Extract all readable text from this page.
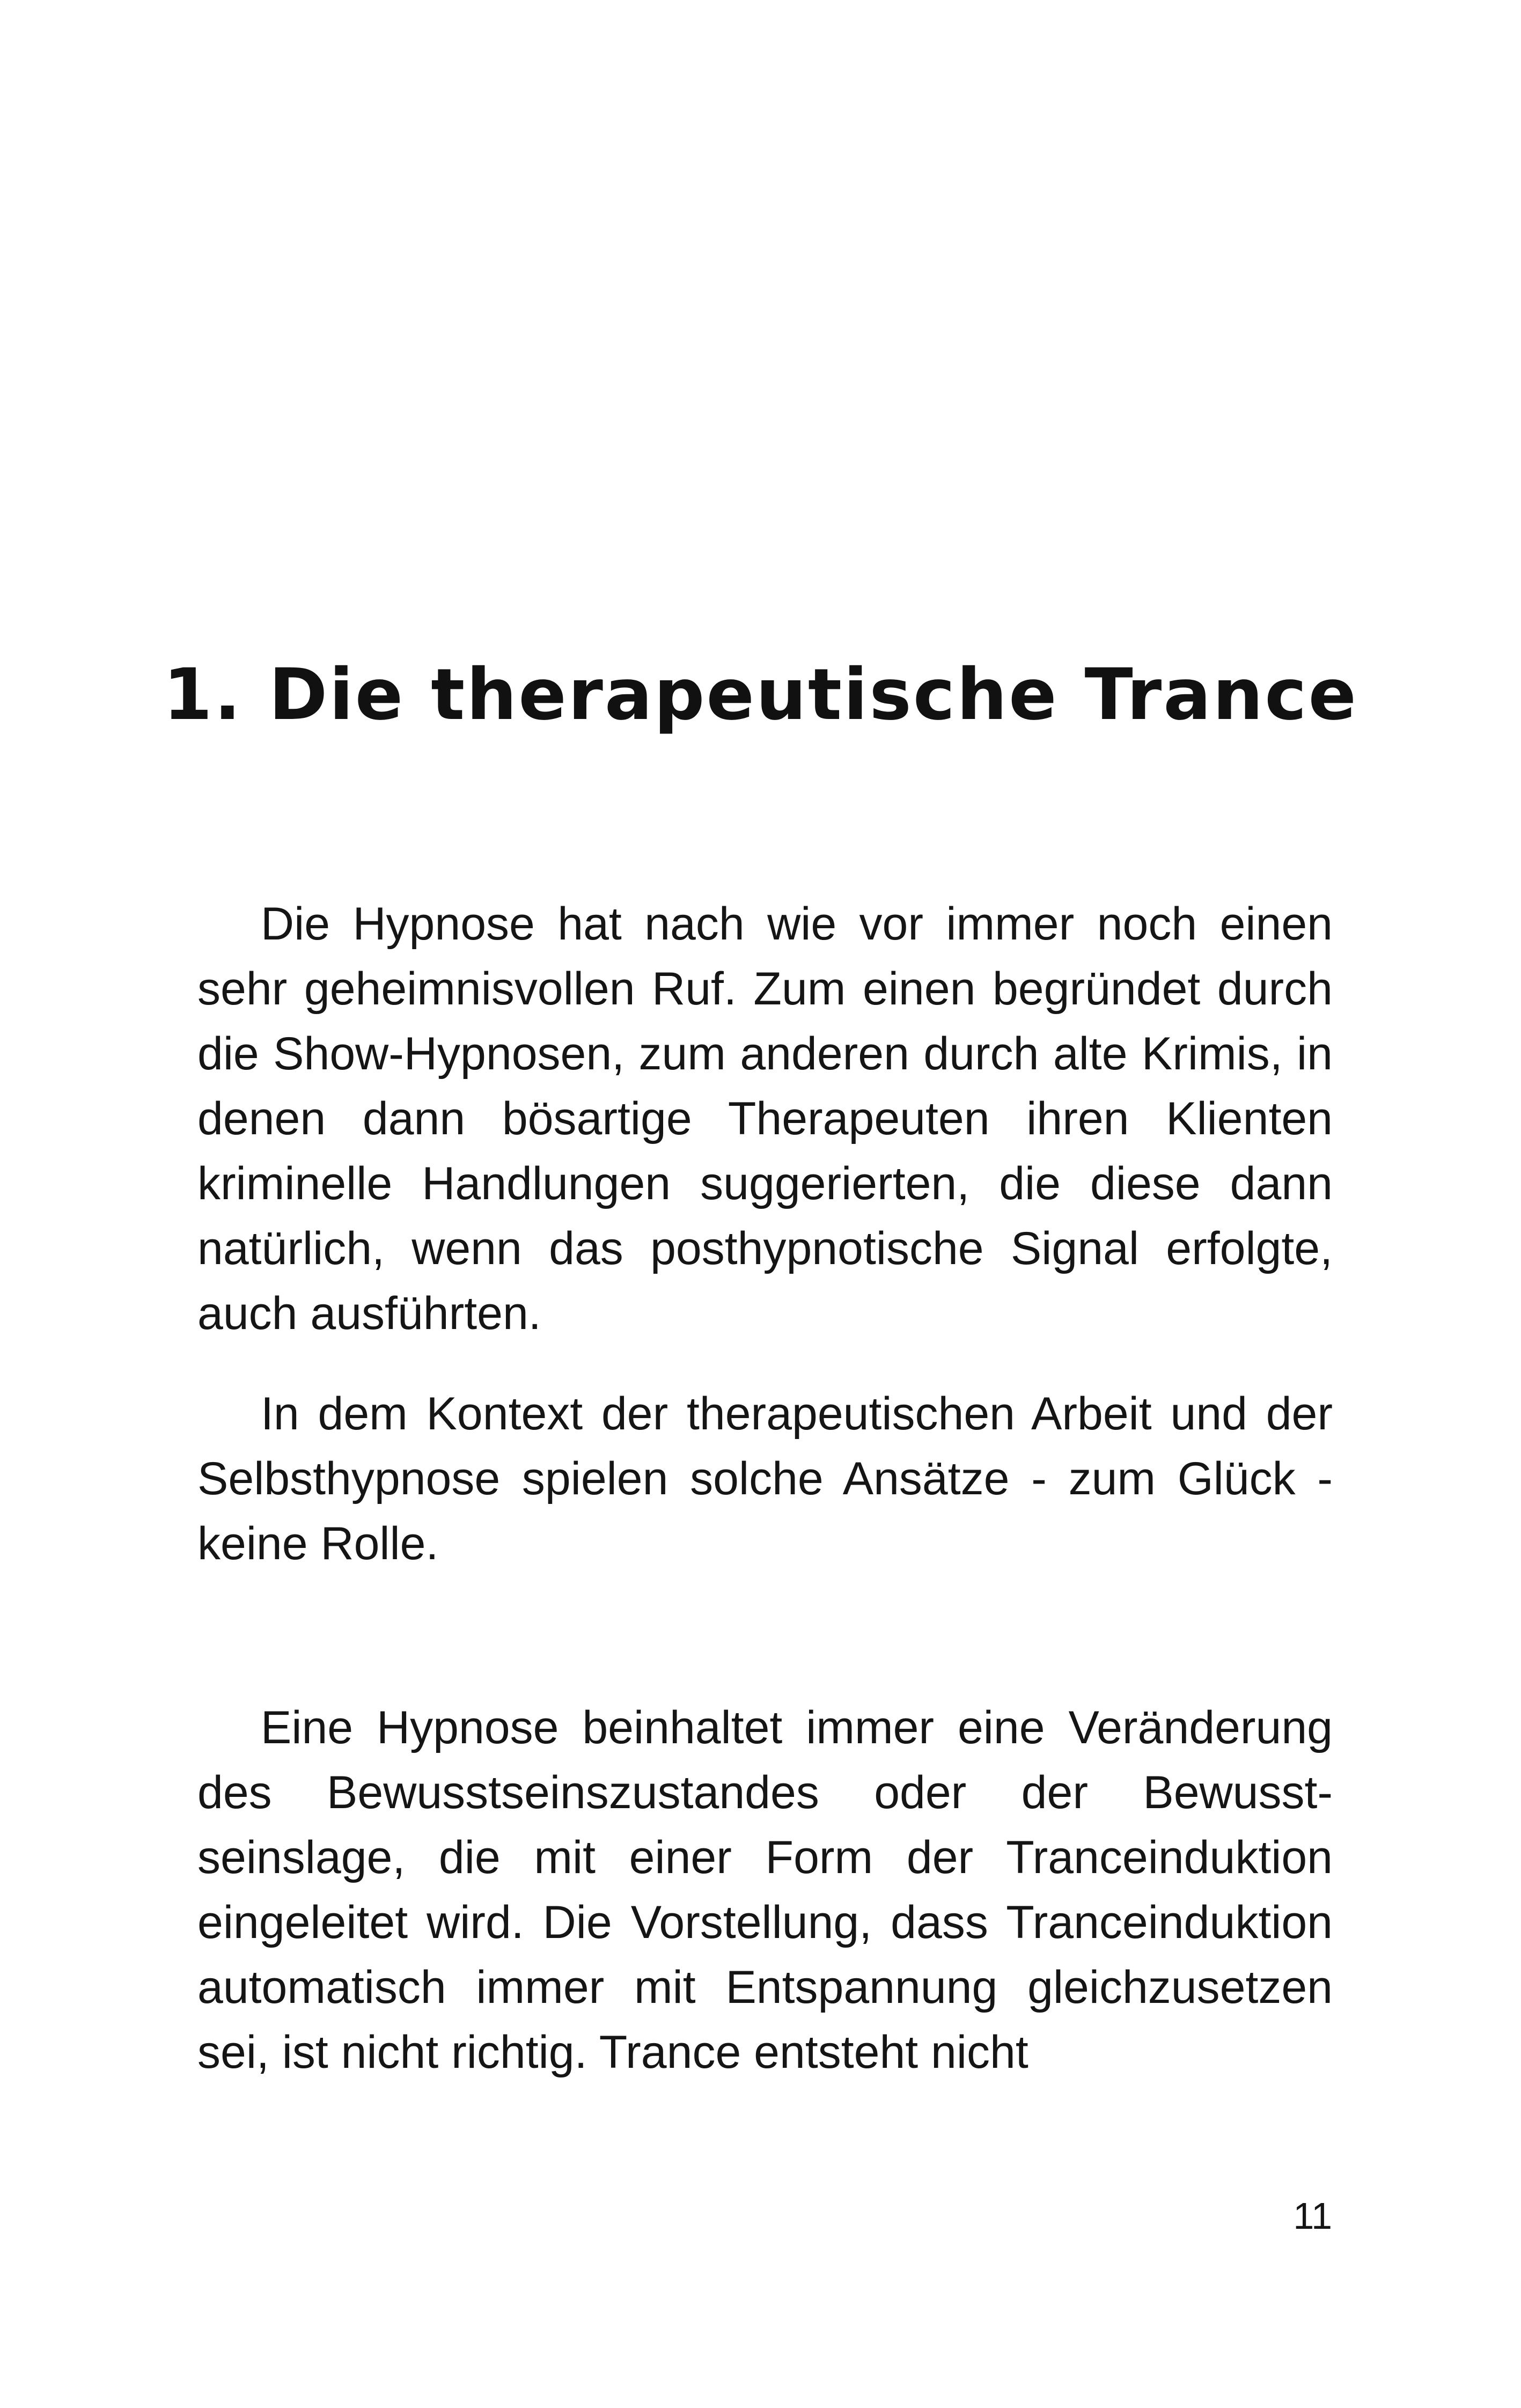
1. Die therapeutische Trance

Die Hypnose hat nach wie vor immer noch einen sehr geheimnisvollen Ruf. Zum einen begründet durch die Show-Hypnosen, zum anderen durch alte Krimis, in denen dann bösartige Therapeuten ihren Klienten kriminelle Handlungen suggerierten, die diese dann natürlich, wenn das posthypnotische Signal erfolgte, auch ausführten.

In dem Kontext der therapeutischen Arbeit und der Selbsthypnose spielen solche Ansätze - zum Glück - keine Rolle.

Eine Hypnose beinhaltet immer eine Veränderung des Bewusstseinszustandes oder der Bewusstseinslage, die mit einer Form der Tranceinduktion eingeleitet wird. Die Vorstellung, dass Tranceinduktion automatisch immer mit Entspannung gleichzusetzen sei, ist nicht richtig. Trance entsteht nicht

11
